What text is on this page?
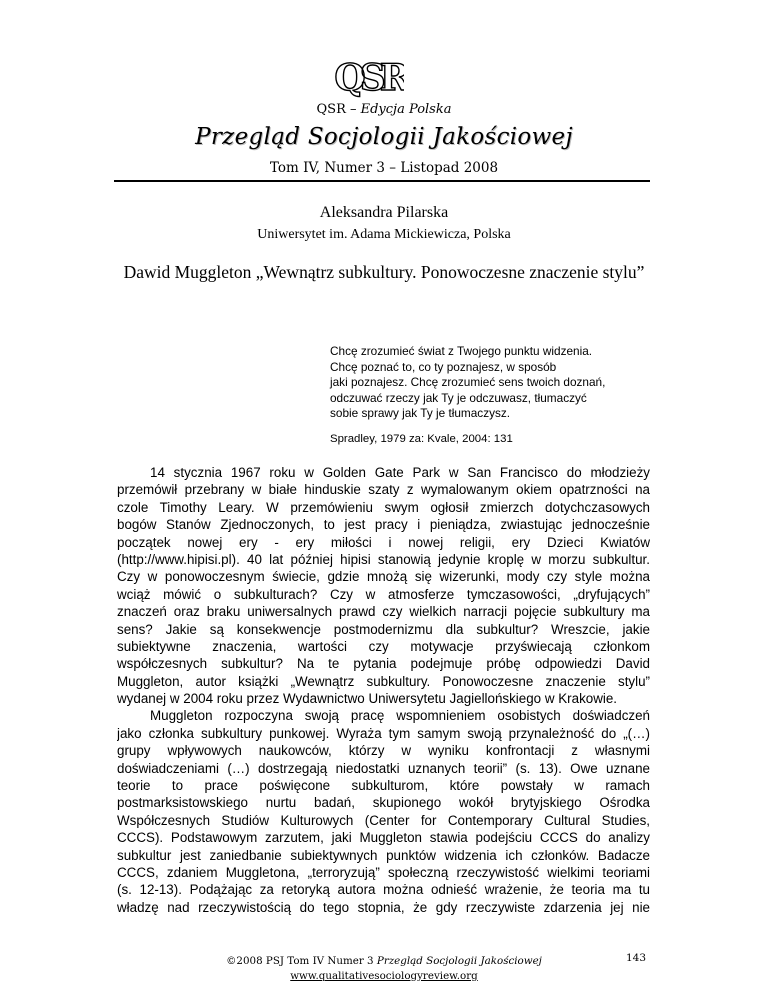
QSR
QSR – Edycja Polska
Przegląd Socjologii Jakościowej
Tom IV, Numer 3 – Listopad 2008
Aleksandra Pilarska
Uniwersytet im. Adama Mickiewicza, Polska
Dawid Muggleton „Wewnątrz subkultury. Ponowoczesne znaczenie stylu”
Chcę zrozumieć świat z Twojego punktu widzenia.
Chcę poznać to, co ty poznajesz, w sposób
jaki poznajesz. Chcę zrozumieć sens twoich doznań,
odczuwać rzeczy jak Ty je odczuwasz, tłumaczyć
sobie sprawy jak Ty je tłumaczysz.
Spradley, 1979 za: Kvale, 2004: 131
14 stycznia 1967 roku w Golden Gate Park w San Francisco do młodzieży
przemówił przebrany w białe hinduskie szaty z wymalowanym okiem opatrzności na
czole Timothy Leary. W przemówieniu swym ogłosił zmierzch dotychczasowych
bogów Stanów Zjednoczonych, to jest pracy i pieniądza, zwiastując jednocześnie
początek nowej ery - ery miłości i nowej religii, ery Dzieci Kwiatów
(http://www.hipisi.pl). 40 lat później hipisi stanowią jedynie kroplę w morzu subkultur.
Czy w ponowoczesnym świecie, gdzie mnożą się wizerunki, mody czy style można
wciąż mówić o subkulturach? Czy w atmosferze tymczasowości, „dryfujących”
znaczeń oraz braku uniwersalnych prawd czy wielkich narracji pojęcie subkultury ma
sens? Jakie są konsekwencje postmodernizmu dla subkultur? Wreszcie, jakie
subiektywne znaczenia, wartości czy motywacje przyświecają członkom
współczesnych subkultur? Na te pytania podejmuje próbę odpowiedzi David
Muggleton, autor książki „Wewnątrz subkultury. Ponowoczesne znaczenie stylu”
wydanej w 2004 roku przez Wydawnictwo Uniwersytetu Jagiellońskiego w Krakowie.
Muggleton rozpoczyna swoją pracę wspomnieniem osobistych doświadczeń
jako członka subkultury punkowej. Wyraża tym samym swoją przynależność do „(…)
grupy wpływowych naukowców, którzy w wyniku konfrontacji z własnymi
doświadczeniami (…) dostrzegają niedostatki uznanych teorii” (s. 13). Owe uznane
teorie to prace poświęcone subkulturom, które powstały w ramach
postmarksistowskiego nurtu badań, skupionego wokół brytyjskiego Ośrodka
Współczesnych Studiów Kulturowych (Center for Contemporary Cultural Studies,
CCCS). Podstawowym zarzutem, jaki Muggleton stawia podejściu CCCS do analizy
subkultur jest zaniedbanie subiektywnych punktów widzenia ich członków. Badacze
CCCS, zdaniem Muggletona, „terroryzują” społeczną rzeczywistość wielkimi teoriami
(s. 12-13). Podążając za retoryką autora można odnieść wrażenie, że teoria ma tu
władzę nad rzeczywistością do tego stopnia, że gdy rzeczywiste zdarzenia jej nie
©2008 PSJ Tom IV Numer 3 Przegląd Socjologii Jakościowej
www.qualitativesociologyreview.org
143
